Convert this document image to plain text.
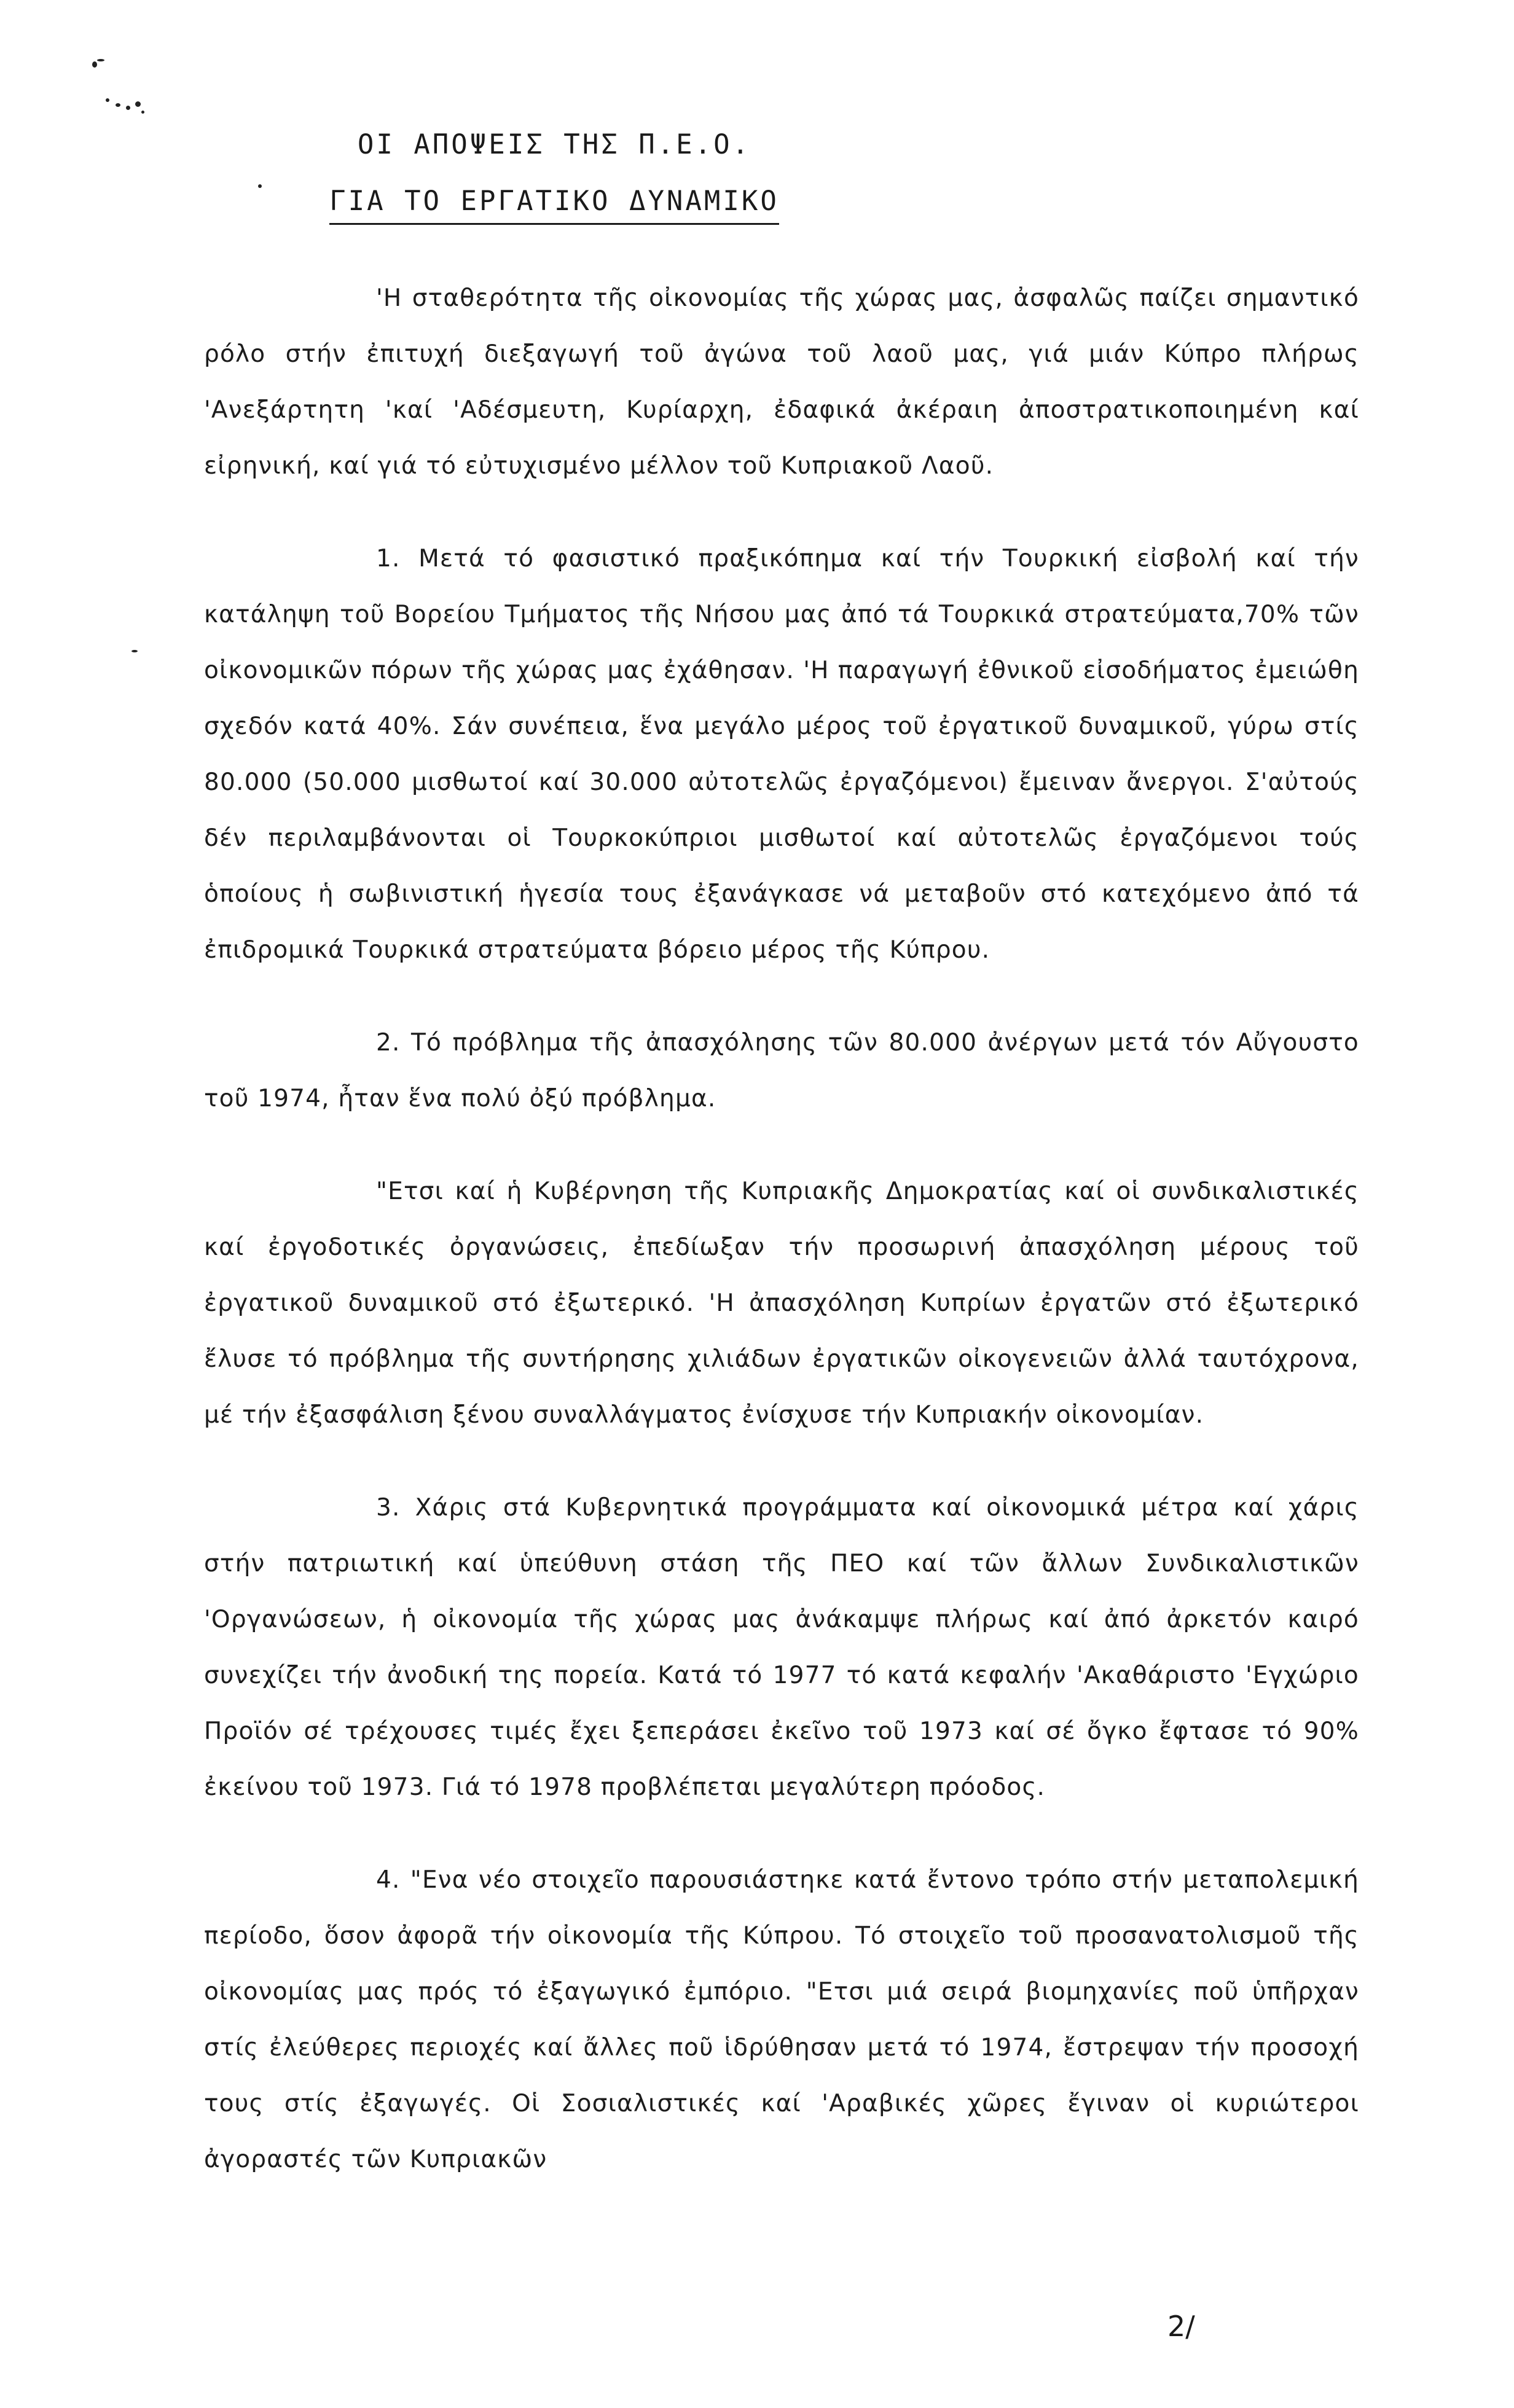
ΟΙ ΑΠΟΨΕΙΣ ΤΗΣ Π.Ε.Ο.
ΓΙΑ ΤΟ ΕΡΓΑΤΙΚΟ ΔΥΝΑΜΙΚΟ

'Η σταθερότητα τῆς οἰκονομίας τῆς χώρας μας, ἀσφαλῶς παίζει σημαντικό ρόλο στήν ἐπιτυχή διεξαγωγή τοῦ ἀγώνα τοῦ λαοῦ μας, γιά μιάν Κύπρο πλήρως 'Ανεξάρτητη 'καί 'Αδέσμευτη, Κυρίαρχη, ἐδαφικά ἀκέραιη ἀποστρατικοποιημένη καί εἰρηνική, καί γιά τό εὐτυχισμένο μέλλον τοῦ Κυπριακοῦ Λαοῦ.

1. Μετά τό φασιστικό πραξικόπημα καί τήν Τουρκική εἰσβολή καί τήν κατάληψη τοῦ Βορείου Τμήματος τῆς Νήσου μας ἀπό τά Τουρκικά στρατεύματα,70% τῶν οἰκονομικῶν πόρων τῆς χώρας μας ἐχάθησαν. 'Η παραγωγή ἐθνικοῦ εἰσοδήματος ἐμειώθη σχεδόν κατά 40%. Σάν συνέπεια, ἕνα μεγάλο μέρος τοῦ ἐργατικοῦ δυναμικοῦ, γύρω στίς 80.000 (50.000 μισθωτοί καί 30.000 αὐτοτελῶς ἐργαζόμενοι) ἔμειναν ἄνεργοι. Σ'αὐτούς δέν περιλαμβάνονται οἱ Τουρκοκύπριοι μισθωτοί καί αὐτοτελῶς ἐργαζόμενοι τούς ὁποίους ἡ σωβινιστική ἡγεσία τους ἐξανάγκασε νά μεταβοῦν στό κατεχόμενο ἀπό τά ἐπιδρομικά Τουρκικά στρατεύματα βόρειο μέρος τῆς Κύπρου.

2. Τό πρόβλημα τῆς ἀπασχόλησης τῶν 80.000 ἀνέργων μετά τόν Αὔγουστο τοῦ 1974, ἦταν ἕνα πολύ ὀξύ πρόβλημα.

"Ετσι καί ἡ Κυβέρνηση τῆς Κυπριακῆς Δημοκρατίας καί οἱ συνδικαλιστικές καί ἐργοδοτικές ὀργανώσεις, ἐπεδίωξαν τήν προσωρινή ἀπασχόληση μέρους τοῦ ἐργατικοῦ δυναμικοῦ στό ἐξωτερικό. 'Η ἀπασχόληση Κυπρίων ἐργατῶν στό ἐξωτερικό ἔλυσε τό πρόβλημα τῆς συντήρησης χιλιάδων ἐργατικῶν οἰκογενειῶν ἀλλά ταυτόχρονα, μέ τήν ἐξασφάλιση ξένου συναλλάγματος ἐνίσχυσε τήν Κυπριακήν οἰκονομίαν.

3. Χάρις στά Κυβερνητικά προγράμματα καί οἰκονομικά μέτρα καί χάρις στήν πατριωτική καί ὑπεύθυνη στάση τῆς ΠΕΟ καί τῶν ἄλλων Συνδικαλιστικῶν 'Οργανώσεων, ἡ οἰκονομία τῆς χώρας μας ἀνάκαμψε πλήρως καί ἀπό ἀρκετόν καιρό συνεχίζει τήν ἀνοδική της πορεία. Κατά τό 1977 τό κατά κεφαλήν 'Ακαθάριστο 'Εγχώριο Προϊόν σέ τρέχουσες τιμές ἔχει ξεπεράσει ἐκεῖνο τοῦ 1973 καί σέ ὄγκο ἔφτασε τό 90% ἐκείνου τοῦ 1973. Γιά τό 1978 προβλέπεται μεγαλύτερη πρόοδος.

4. "Ενα νέο στοιχεῖο παρουσιάστηκε κατά ἔντονο τρόπο στήν μεταπολεμική περίοδο, ὅσον ἀφορᾶ τήν οἰκονομία τῆς Κύπρου. Τό στοιχεῖο τοῦ προσανατολισμοῦ τῆς οἰκονομίας μας πρός τό ἐξαγωγικό ἐμπόριο. "Ετσι μιά σειρά βιομηχανίες ποῦ ὑπῆρχαν στίς ἐλεύθερες περιοχές καί ἄλλες ποῦ ἱδρύθησαν μετά τό 1974, ἔστρεψαν τήν προσοχή τους στίς ἐξαγωγές. Οἱ Σοσιαλιστικές καί 'Αραβικές χῶρες ἔγιναν οἱ κυριώτεροι ἀγοραστές τῶν Κυπριακῶν

2/
